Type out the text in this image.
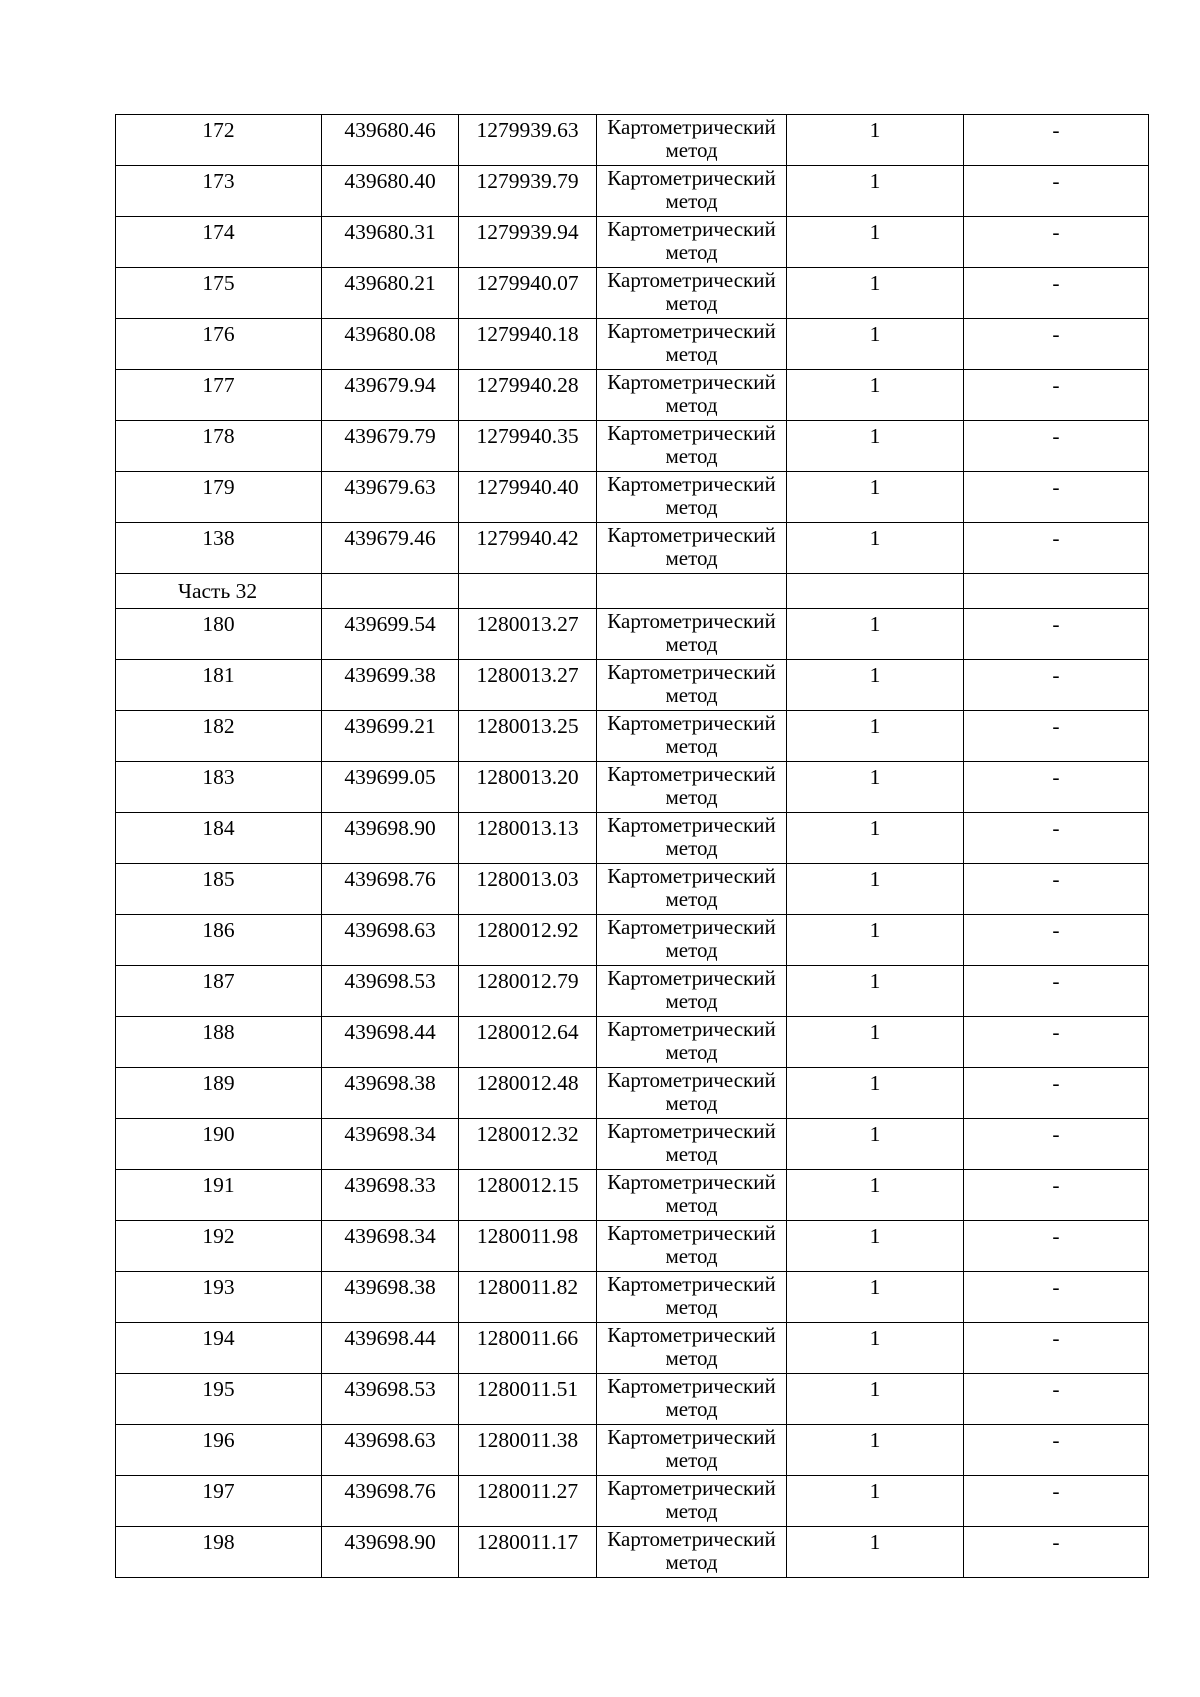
172	439680.46	1279939.63	Картометрический
метод	1	-
173	439680.40	1279939.79	Картометрический
метод	1	-
174	439680.31	1279939.94	Картометрический
метод	1	-
175	439680.21	1279940.07	Картометрический
метод	1	-
176	439680.08	1279940.18	Картометрический
метод	1	-
177	439679.94	1279940.28	Картометрический
метод	1	-
178	439679.79	1279940.35	Картометрический
метод	1	-
179	439679.63	1279940.40	Картометрический
метод	1	-
138	439679.46	1279940.42	Картометрический
метод	1	-
Часть 32					
180	439699.54	1280013.27	Картометрический
метод	1	-
181	439699.38	1280013.27	Картометрический
метод	1	-
182	439699.21	1280013.25	Картометрический
метод	1	-
183	439699.05	1280013.20	Картометрический
метод	1	-
184	439698.90	1280013.13	Картометрический
метод	1	-
185	439698.76	1280013.03	Картометрический
метод	1	-
186	439698.63	1280012.92	Картометрический
метод	1	-
187	439698.53	1280012.79	Картометрический
метод	1	-
188	439698.44	1280012.64	Картометрический
метод	1	-
189	439698.38	1280012.48	Картометрический
метод	1	-
190	439698.34	1280012.32	Картометрический
метод	1	-
191	439698.33	1280012.15	Картометрический
метод	1	-
192	439698.34	1280011.98	Картометрический
метод	1	-
193	439698.38	1280011.82	Картометрический
метод	1	-
194	439698.44	1280011.66	Картометрический
метод	1	-
195	439698.53	1280011.51	Картометрический
метод	1	-
196	439698.63	1280011.38	Картометрический
метод	1	-
197	439698.76	1280011.27	Картометрический
метод	1	-
198	439698.90	1280011.17	Картометрический
метод	1	-
